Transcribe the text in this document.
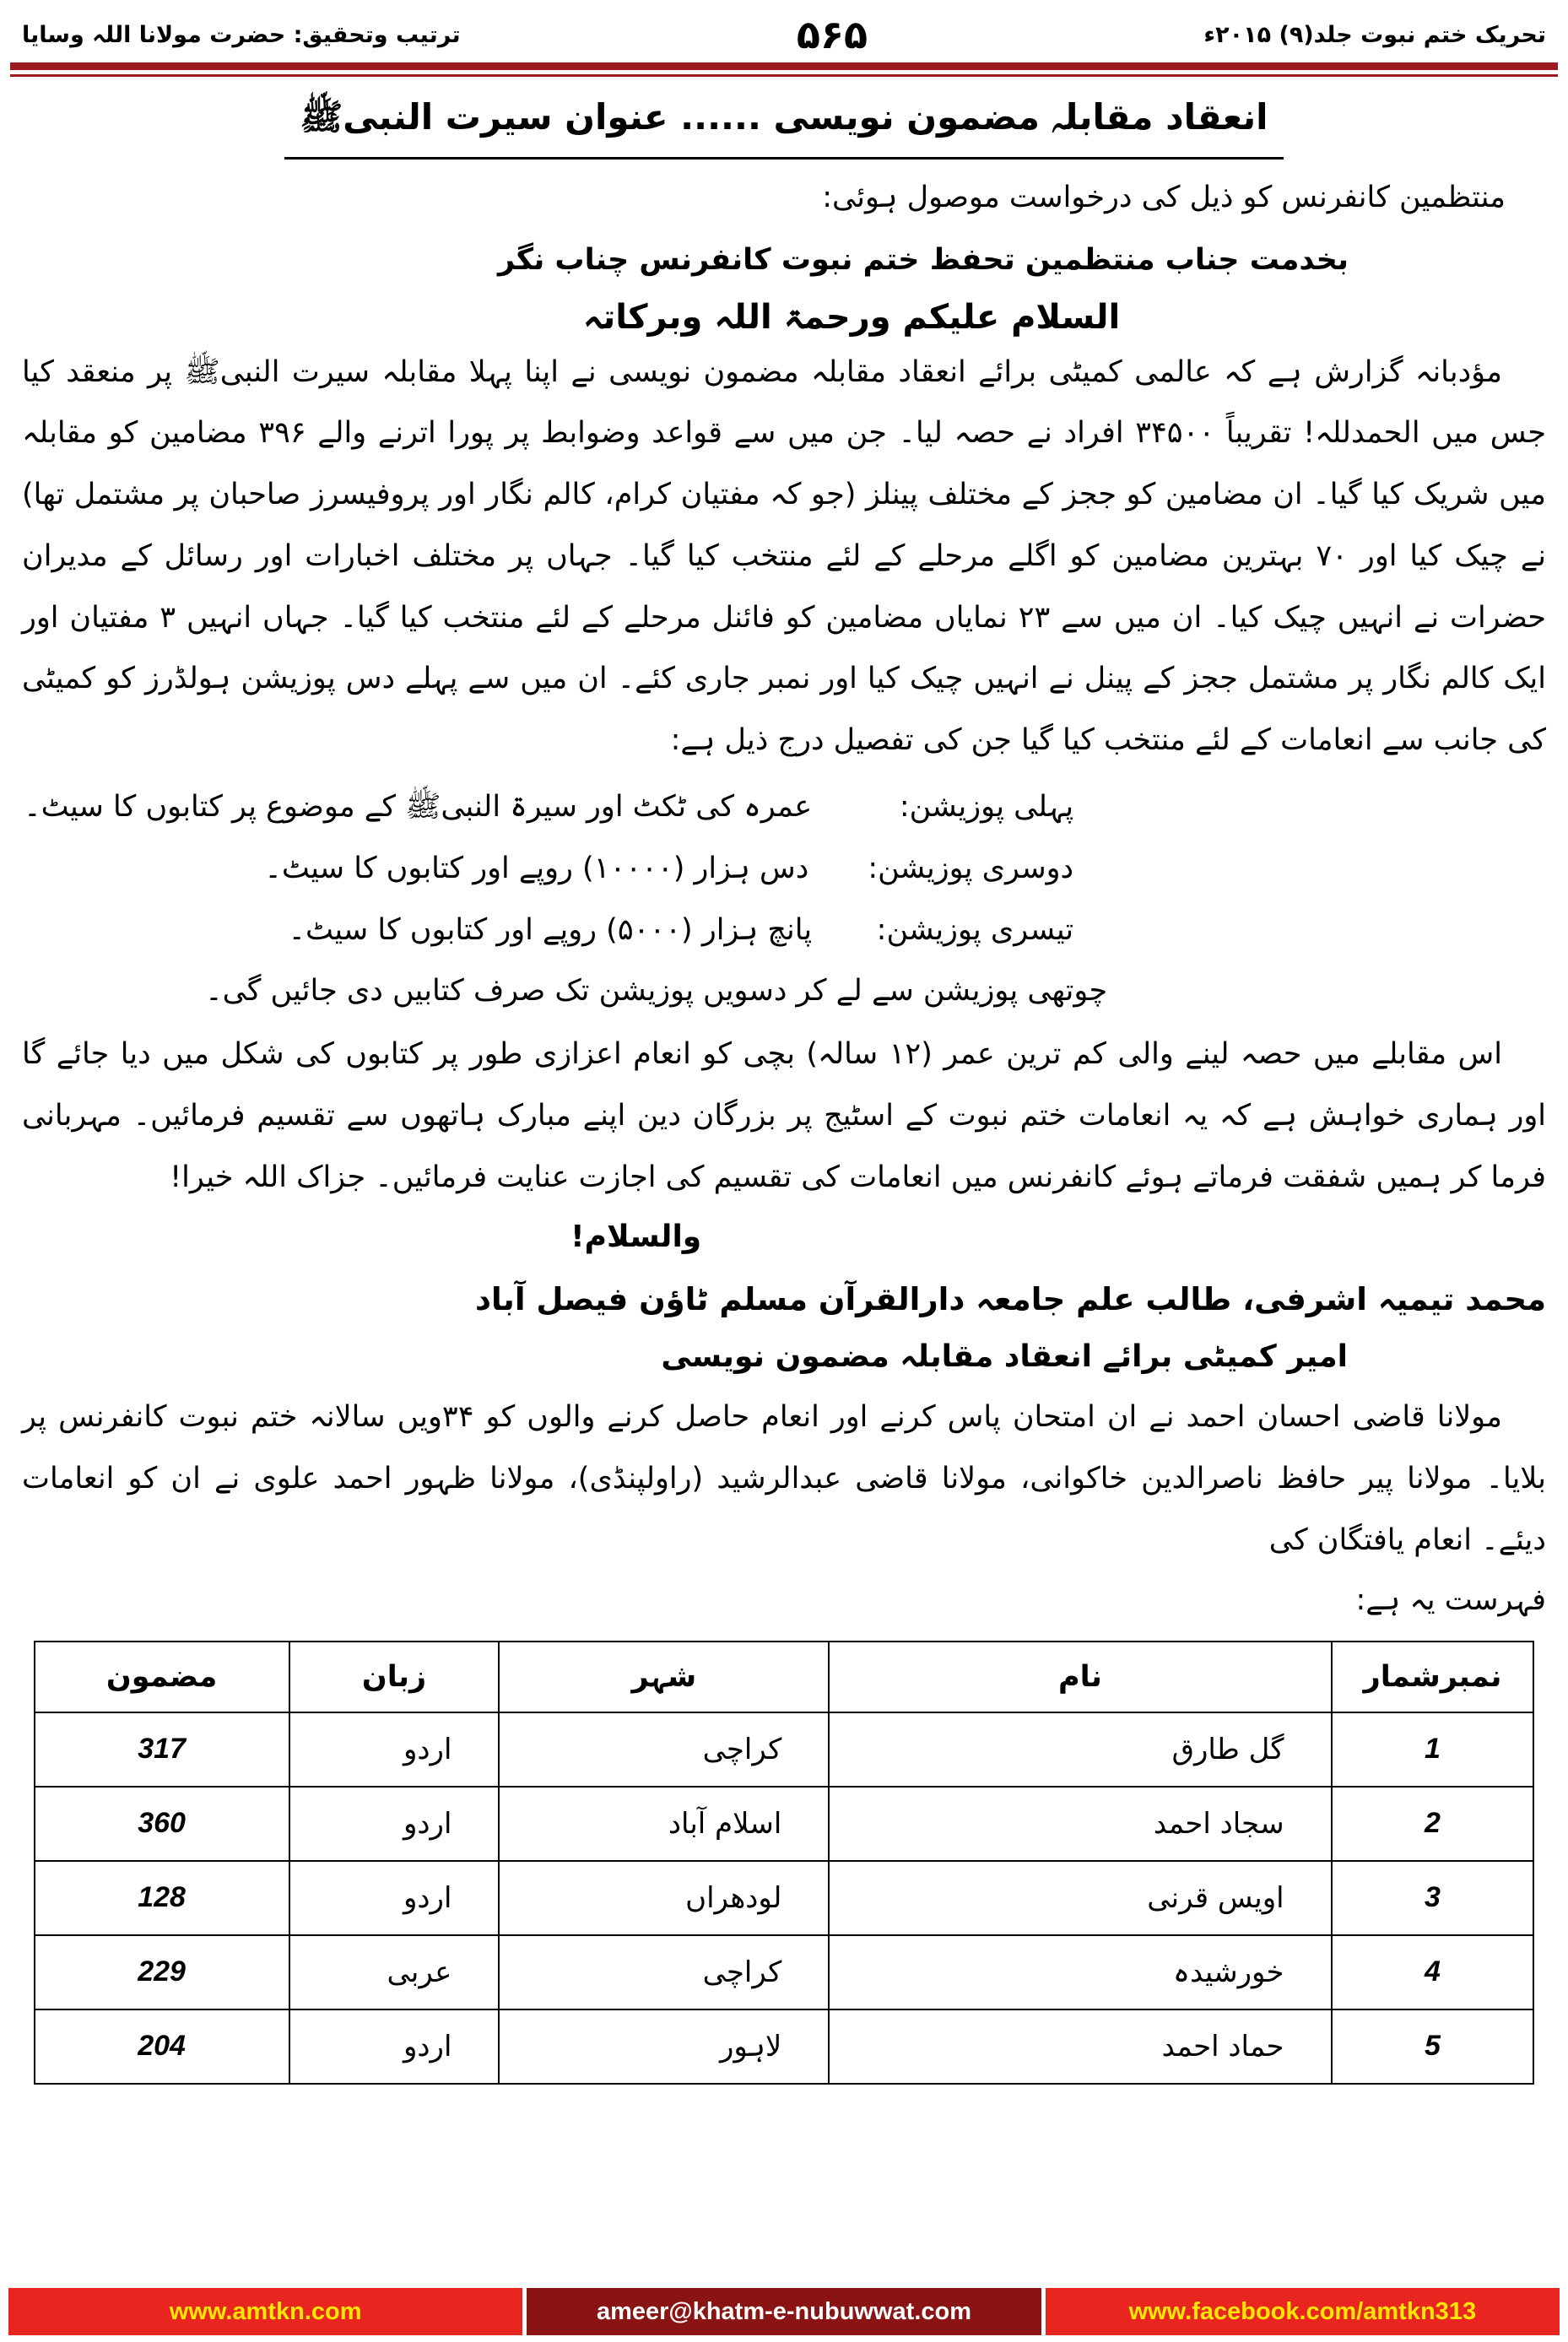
تحریک ختم نبوت جلد(۹) ۲۰۱۵ء
۵۶۵
ترتیب وتحقیق: حضرت مولانا اللہ وسایا
انعقاد مقابلہ مضمون نویسی ...... عنوان سیرت النبیﷺ

منتظمین کانفرنس کو ذیل کی درخواست موصول ہوئی:

بخدمت جناب منتظمین تحفظ ختم نبوت کانفرنس چناب نگر

السلام علیکم ورحمۃ اللہ وبرکاتہ

مؤدبانہ گزارش ہے کہ عالمی کمیٹی برائے انعقاد مقابلہ مضمون نویسی نے اپنا پہلا مقابلہ سیرت النبیﷺ پر منعقد کیا جس میں الحمدللہ! تقریباً ۳۴۵۰۰ افراد نے حصہ لیا۔ جن میں سے قواعد وضوابط پر پورا اترنے والے ۳۹۶ مضامین کو مقابلہ میں شریک کیا گیا۔ ان مضامین کو ججز کے مختلف پینلز (جو کہ مفتیان کرام، کالم نگار اور پروفیسرز صاحبان پر مشتمل تھا) نے چیک کیا اور ۷۰ بہترین مضامین کو اگلے مرحلے کے لئے منتخب کیا گیا۔ جہاں پر مختلف اخبارات اور رسائل کے مدیران حضرات نے انہیں چیک کیا۔ ان میں سے ۲۳ نمایاں مضامین کو فائنل مرحلے کے لئے منتخب کیا گیا۔ جہاں انہیں ۳ مفتیان اور ایک کالم نگار پر مشتمل ججز کے پینل نے انہیں چیک کیا اور نمبر جاری کئے۔ ان میں سے پہلے دس پوزیشن ہولڈرز کو کمیٹی کی جانب سے انعامات کے لئے منتخب کیا گیا جن کی تفصیل درج ذیل ہے:

پہلی پوزیشن:
عمرہ کی ٹکٹ اور سیرۃ النبیﷺ کے موضوع پر کتابوں کا سیٹ۔
دوسری پوزیشن:
دس ہزار (۱۰۰۰۰) روپے اور کتابوں کا سیٹ۔
تیسری پوزیشن:
پانچ ہزار (۵۰۰۰) روپے اور کتابوں کا سیٹ۔
چوتھی پوزیشن سے لے کر دسویں پوزیشن تک صرف کتابیں دی جائیں گی۔

اس مقابلے میں حصہ لینے والی کم ترین عمر (۱۲ سالہ) بچی کو انعام اعزازی طور پر کتابوں کی شکل میں دیا جائے گا اور ہماری خواہش ہے کہ یہ انعامات ختم نبوت کے اسٹیج پر بزرگان دین اپنے مبارک ہاتھوں سے تقسیم فرمائیں۔ مہربانی فرما کر ہمیں شفقت فرماتے ہوئے کانفرنس میں انعامات کی تقسیم کی اجازت عنایت فرمائیں۔ جزاک اللہ خیرا!

والسلام!

محمد تیمیہ اشرفی، طالب علم جامعہ دارالقرآن مسلم ٹاؤن فیصل آباد

امیر کمیٹی برائے انعقاد مقابلہ مضمون نویسی

مولانا قاضی احسان احمد نے ان امتحان پاس کرنے اور انعام حاصل کرنے والوں کو ۳۴ویں سالانہ ختم نبوت کانفرنس پر بلایا۔ مولانا پیر حافظ ناصرالدین خاکوانی، مولانا قاضی عبدالرشید (راولپنڈی)، مولانا ظہور احمد علوی نے ان کو انعامات دیئے۔ انعام یافتگان کی

فہرست یہ ہے:

نمبرشمار	نام	شہر	زبان	مضمون
1	گل طارق	کراچی	اردو	317
2	سجاد احمد	اسلام آباد	اردو	360
3	اویس قرنی	لودھراں	اردو	128
4	خورشیدہ	کراچی	عربی	229
5	حماد احمد	لاہور	اردو	204
www.amtkn.com	ameer@khatm-e-nubuwwat.com	www.facebook.com/amtkn313
